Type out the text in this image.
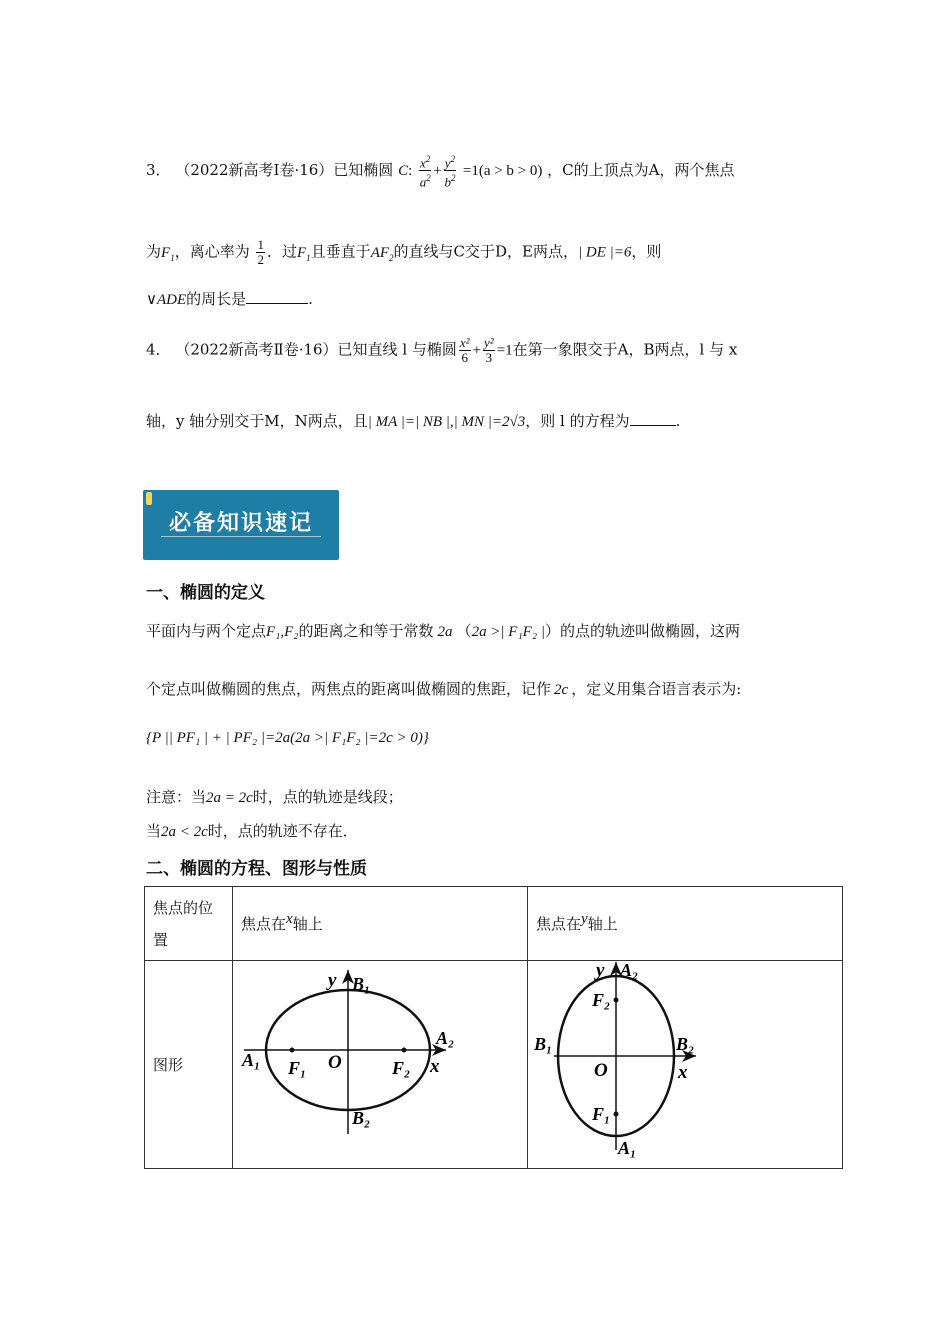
3． （2022新高考Ⅰ卷·16）已知椭圆 C: $\frac{x^2}{a^2} + \frac{y^2}{b^2} =1(a > b > 0)$ ，C的上顶点为A，两个焦点
为$F_1$，离心率为 $\frac{1}{2}$ ．过$F_1$且垂直于$AF_2$的直线与C交于D，E两点，| DE |=6，则
∨ADE的周长是	.
4． （2022新高考Ⅱ卷·16）已知直线 l 与椭圆 $\frac{\text{x²}}{6} + \frac{\text{y²}}{3} =1$在第一象限交于A，B两点，l 与 x
轴，y 轴分别交于M，N两点，且| MA |=| NB |,| MN |=2√3，则 l 的方程为	.
必备知识速记
一、椭圆的定义
平面内与两个定点F₁,F₂的距离之和等于常数 2a （2a >| F₁F₂ |）的点的轨迹叫做椭圆，这两
个定点叫做椭圆的焦点，两焦点的距离叫做椭圆的焦距，记作 2c ，定义用集合语言表示为:
{P || PF₁ | + | PF₂ |=2a(2a >| F₁F₂ |=2c > 0)}
注意：当2a = 2c时，点的轨迹是线段；
当2a < 2c时，点的轨迹不存在．
二、椭圆的方程、图形与性质
焦点的位置	焦点在x轴上	焦点在y轴上
图形		
y B₁
B₂
A₁
A₂
F₁	F₂
O	x
y A₂
F₂
B₁	B₂
O	x
F₁
A₁
